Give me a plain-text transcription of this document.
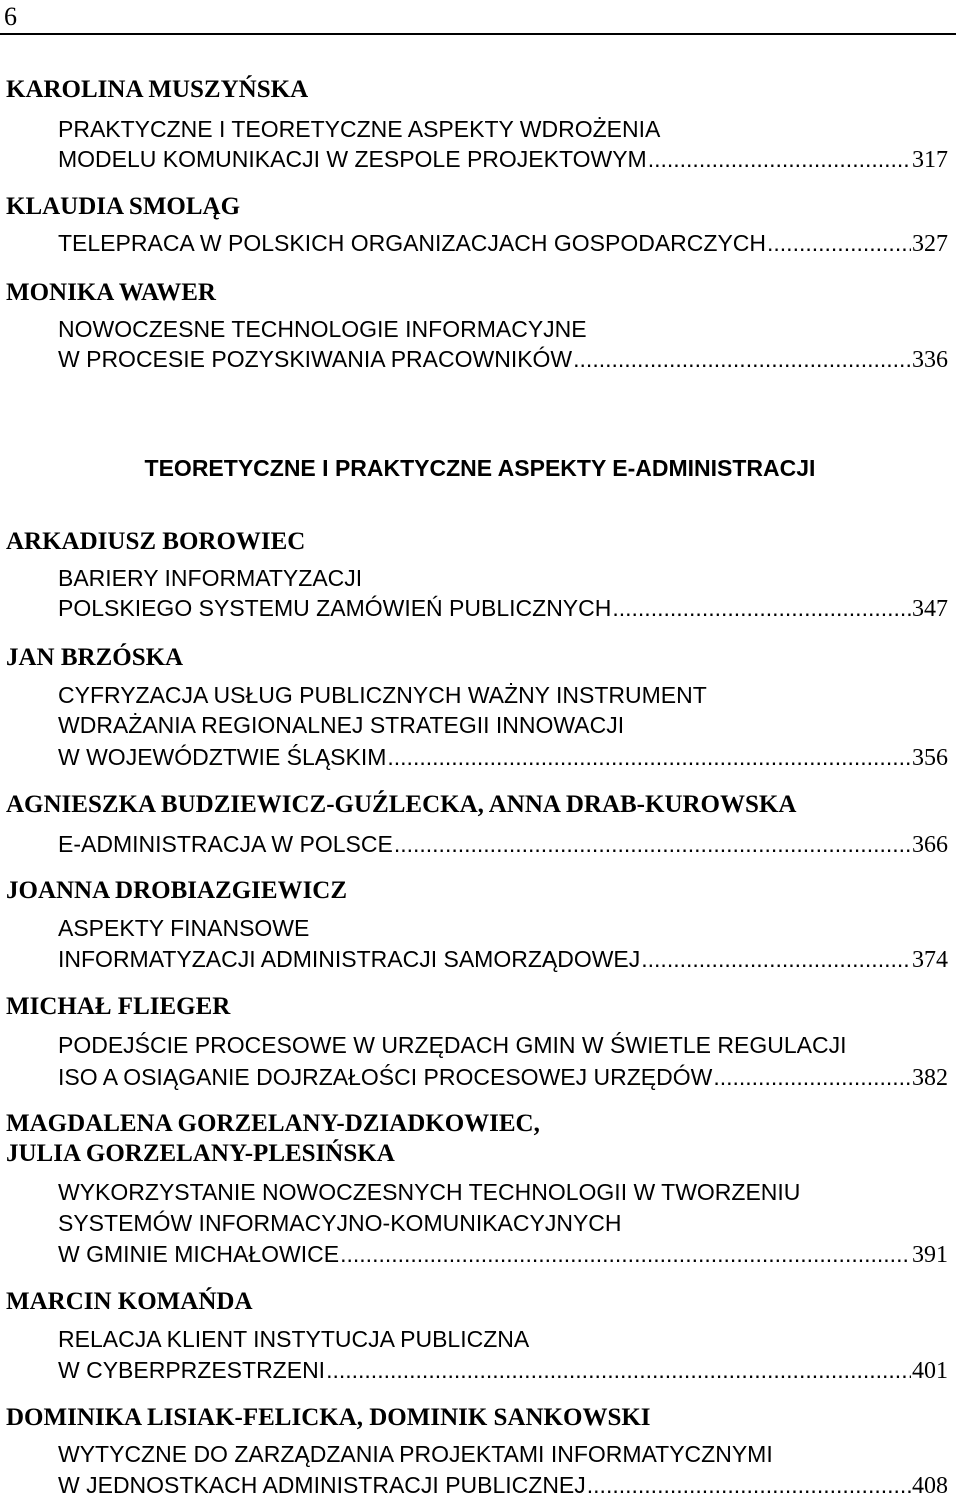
6
TEORETYCZNE I PRAKTYCZNE ASPEKTY E-ADMINISTRACJI
KAROLINA MUSZYŃSKA
PRAKTYCZNE I TEORETYCZNE ASPEKTY WDROŻENIA
MODELU KOMUNIKACJI W ZESPOLE PROJEKTOWYM .....	317
KLAUDIA SMOLĄG
TELEPRACA W POLSKICH ORGANIZACJACH GOSPODARCZYCH .....	327
MONIKA WAWER
NOWOCZESNE TECHNOLOGIE INFORMACYJNE
W PROCESIE POZYSKIWANIA PRACOWNIKÓW .....	336
ARKADIUSZ BOROWIEC
BARIERY INFORMATYZACJI
POLSKIEGO SYSTEMU ZAMÓWIEŃ PUBLICZNYCH .....	347
JAN BRZÓSKA
CYFRYZACJA USŁUG PUBLICZNYCH WAŻNY INSTRUMENT
WDRAŻANIA REGIONALNEJ STRATEGII INNOWACJI
W WOJEWÓDZTWIE ŚLĄSKIM .....	356
AGNIESZKA BUDZIEWICZ-GUŹLECKA, ANNA DRAB-KUROWSKA
E-ADMINISTRACJA W POLSCE .....	366
JOANNA DROBIAZGIEWICZ
ASPEKTY FINANSOWE
INFORMATYZACJI ADMINISTRACJI SAMORZĄDOWEJ .....	374
MICHAŁ FLIEGER
PODEJŚCIE PROCESOWE W URZĘDACH GMIN W ŚWIETLE REGULACJI
ISO A OSIĄGANIE DOJRZAŁOŚCI PROCESOWEJ URZĘDÓW .....	382
MAGDALENA GORZELANY-DZIADKOWIEC,
JULIA GORZELANY-PLESIŃSKA
WYKORZYSTANIE NOWOCZESNYCH TECHNOLOGII W TWORZENIU
SYSTEMÓW INFORMACYJNO-KOMUNIKACYJNYCH
W GMINIE MICHAŁOWICE .....	391
MARCIN KOMAŃDA
RELACJA KLIENT INSTYTUCJA PUBLICZNA
W CYBERPRZESTRZENI .....	401
DOMINIKA LISIAK-FELICKA, DOMINIK SANKOWSKI
WYTYCZNE DO ZARZĄDZANIA PROJEKTAMI INFORMATYCZNYMI
W JEDNOSTKACH ADMINISTRACJI PUBLICZNEJ .....	408
